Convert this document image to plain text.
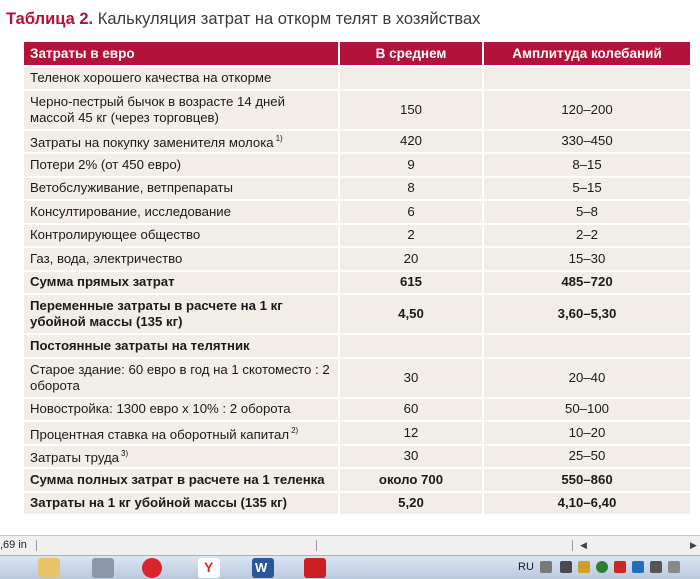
Таблица 2. Калькуляция затрат на откорм телят в хозяйствах
Затраты в евро	В среднем	Амплитуда колебаний
Теленок хорошего качества на откорме		
Черно-пестрый бычок в возрасте 14 дней массой 45 кг (через торговцев)	150	120–200
Затраты на покупку заменителя молока $^{1)}$	420	330–450
Потери 2% (от 450 евро)	9	8–15
Ветобслуживание, ветпрепараты	8	5–15
Консултирование, исследование	6	5–8
Контролирующее общество	2	2–2
Газ, вода, электричество	20	15–30
Сумма прямых затрат	615	485–720
Переменные затраты в расчете на 1 кг убойной массы (135 кг)	4,50	3,60–5,30
Постоянные затраты на телятник		
Старое здание: 60 евро в год на 1 скотоместо : 2 оборота	30	20–40
Новостройка: 1300 евро х 10% : 2 оборота	60	50–100
Процентная ставка на оборотный капитал $^{2)}$	12	10–20
Затраты труда $^{3)}$	30	25–50
Сумма полных затрат в расчете на 1 теленка	около 700	550–860
Затраты на 1 кг убойной массы (135 кг)	5,20	4,10–6,40
,69 in	◀	▶
Y	W	RU
